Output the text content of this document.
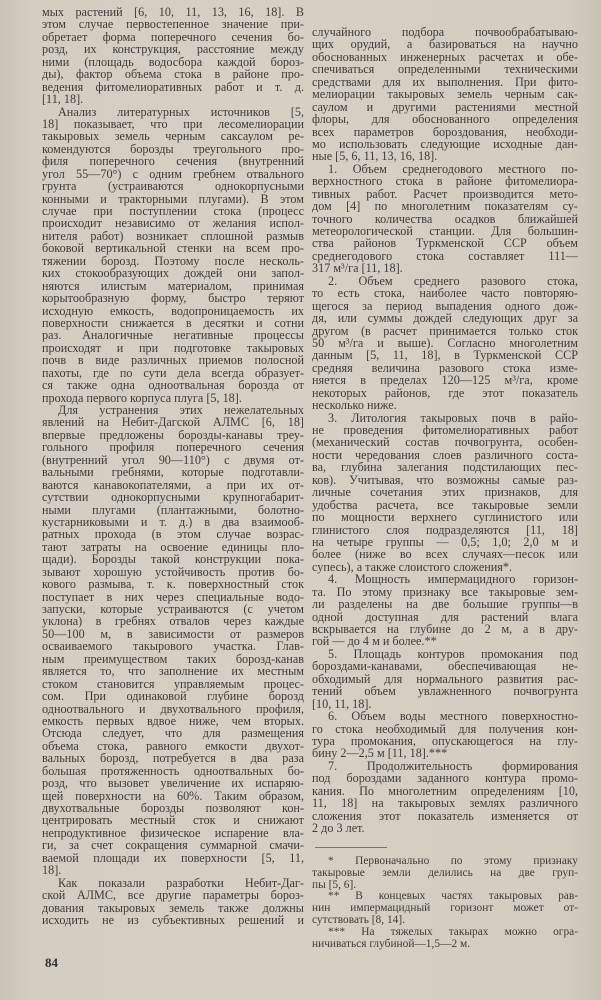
мых растений [6, 10, 11, 13, 16, 18]. В
этом случае первостепенное значение при-
обретает форма поперечного сечения бо-
розд, их конструкция, расстояние между
ними (площадь водосбора каждой бороз-
ды), фактор объема стока в районе про-
ведения фитомелиоративных работ и т. д.
[11, 18].
Анализ литературных источников [5,
18] показывает, что при лесомелиорации
такыровых земель черным саксаулом ре-
комендуются борозды треугольного про-
филя поперечного сечения (внутренний
угол 55—70°) с одним гребнем отвального
грунта (устраиваются однокорпусными
конными и тракторными плугами). В этом
случае при поступлении стока (процесс
происходит независимо от желания испол-
нителя работ) возникает сплошной размыв
боковой вертикальной стенки на всем про-
тяжении борозд. Поэтому после несколь-
ких стокообразующих дождей они запол-
няются илистым материалом, принимая
корытообразную форму, быстро теряют
исходную емкость, водопроницаемость их
поверхности снижается в десятки и сотни
раз. Аналогичные негативные процессы
происходят и при подготовке такыровых
почв в виде различных приемов полосной
пахоты, где по сути дела всегда образует-
ся также одна одноотвальная борозда от
прохода первого корпуса плуга [5, 18].
Для устранения этих нежелательных
явлений на Небит-Дагской АЛМС [6, 18]
впервые предложены борозды-канавы треу-
гольного профиля поперечного сечения
(внутренний угол 90—110°) с двумя от-
вальными гребнями, которые подготавли-
ваются канавокопателями, а при их от-
сутствии однокорпусными крупногабарит-
ными плугами (плантажными, болотно-
кустарниковыми и т. д.) в два взаимооб-
ратных прохода (в этом случае возрас-
тают затраты на освоение единицы пло-
щади). Борозды такой конструкции пока-
зывают хорошую устойчивость против бо-
кового размыва, т. к. поверхностный сток
поступает в них через специальные водо-
запуски, которые устраиваются (с учетом
уклона) в гребнях отвалов через каждые
50—100 м, в зависимости от размеров
осваиваемого такырового участка. Глав-
ным преимуществом таких борозд-канав
является то, что заполнение их местным
стоком становится управляемым процес-
сом. При одинаковой глубине борозд
одноотвального и двухотвального профиля,
емкость первых вдвое ниже, чем вторых.
Отсюда следует, что для размещения
объема стока, равного емкости двухот-
вальных борозд, потребуется в два раза
большая протяженность одноотвальных бо-
розд, что вызовет увеличение их испаряю-
щей поверхности на 60%. Таким образом,
двухотвальные борозды позволяют кон-
центрировать местный сток и снижают
непродуктивное физическое испарение вла-
ги, за счет сокращения суммарной смачи-
ваемой площади их поверхности [5, 11,
18].
Как показали разработки Небит-Даг-
ской АЛМС, все другие параметры бороз-
дования такыровых земель также должны
исходить не из субъективных решений и
случайного подбора почвообрабатываю-
щих орудий, а базироваться на научно
обоснованных инженерных расчетах и обе-
спечиваться определенными техническими
средствами для их выполнения. При фито-
мелиорации такыровых земель черным сак-
саулом и другими растениями местной
флоры, для обоснованного определения
всех параметров бороздования, необходи-
мо использовать следующие исходные дан-
ные [5, 6, 11, 13, 16, 18].
1. Объем среднегодового местного по-
верхностного стока в районе фитомелиора-
тивных работ. Расчет производится мето-
дом [4] по многолетним показателям су-
точного количества осадков ближайшей
метеорологической станции. Для большин-
ства районов Туркменской ССР объем
среднегодового стока составляет 111—
317 м³/га [11, 18].
2. Объем среднего разового стока,
то есть стока, наиболее часто повторяю-
щегося за период выпадения одного дож-
дя, или суммы дождей следующих друг за
другом (в расчет принимается только сток
50 м³/га и выше). Согласно многолетним
данным [5, 11, 18], в Туркменской ССР
средняя величина разового стока изме-
няется в пределах 120—125 м³/га, кроме
некоторых районов, где этот показатель
несколько ниже.
3. Литология такыровых почв в райо-
не проведения фитомелиоративных работ
(механический состав почвогрунта, особен-
ности чередования слоев различного соста-
ва, глубина залегания подстилающих пес-
ков). Учитывая, что возможны самые раз-
личные сочетания этих признаков, для
удобства расчета, все такыровые земли
по мощности верхнего суглинистого или
глинистого слоя подразделяются [11, 18]
на четыре группы — 0,5; 1,0; 2,0 м и
более (ниже во всех случаях—песок или
супесь), а также слоистого сложения*.
4. Мощность импермацидного горизон-
та. По этому признаку все такыровые зем-
ли разделены на две большие группы—в
одной доступная для растений влага
вскрывается на глубине до 2 м, а в дру-
гой — до 4 м и более.**
5. Площадь контуров промокания под
бороздами-канавами, обеспечивающая не-
обходимый для нормального развития рас-
тений объем увлажненного почвогрунта
[10, 11, 18].
6. Объем воды местного поверхностно-
го стока необходимый для получения кон-
тура промокания, опускающегося на глу-
бину 2—2,5 м [11, 18].***
7. Продолжительность формирования
под бороздами заданного контура промо-
кания. По многолетним определениям [10,
11, 18] на такыровых землях различного
сложения этот показатель изменяется от
2 до 3 лет.
* Первоначально по этому признаку
такыровые земли делились на две груп-
пы [5, 6].
** В концевых частях такыровых рав-
нин импермацидный горизонт может от-
сутствовать [8, 14].
*** На тяжелых такырах можно огра-
ничиваться глубиной—1,5—2 м.
84
